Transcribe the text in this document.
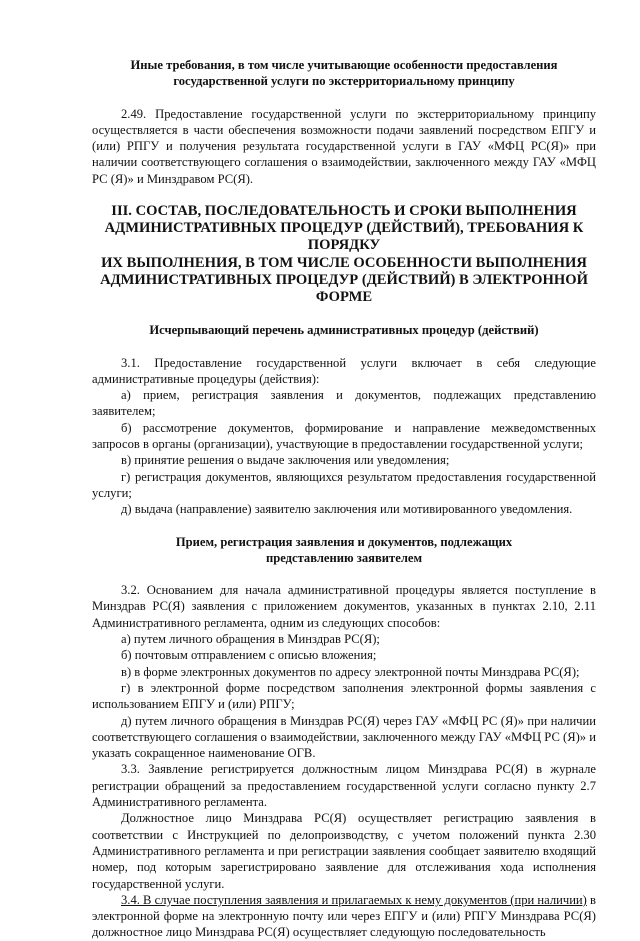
Иные требования, в том числе учитывающие особенности предоставления
государственной услуги по экстерриториальному принципу

2.49. Предоставление государственной услуги по экстерриториальному принципу осуществляется в части обеспечения возможности подачи заявлений посредством ЕПГУ и (или) РПГУ и получения результата государственной услуги в ГАУ «МФЦ РС(Я)» при наличии соответствующего соглашения о взаимодействии, заключенного между ГАУ «МФЦ РС (Я)» и Минздравом РС(Я).

III. СОСТАВ, ПОСЛЕДОВАТЕЛЬНОСТЬ И СРОКИ ВЫПОЛНЕНИЯ
АДМИНИСТРАТИВНЫХ ПРОЦЕДУР (ДЕЙСТВИЙ), ТРЕБОВАНИЯ К ПОРЯДКУ
ИХ ВЫПОЛНЕНИЯ, В ТОМ ЧИСЛЕ ОСОБЕННОСТИ ВЫПОЛНЕНИЯ
АДМИНИСТРАТИВНЫХ ПРОЦЕДУР (ДЕЙСТВИЙ) В ЭЛЕКТРОННОЙ ФОРМЕ
Исчерпывающий перечень административных процедур (действий)

3.1. Предоставление государственной услуги включает в себя следующие административные процедуры (действия):

а) прием, регистрация заявления и документов, подлежащих представлению заявителем;

б) рассмотрение документов, формирование и направление межведомственных запросов в органы (организации), участвующие в предоставлении государственной услуги;

в) принятие решения о выдаче заключения или уведомления;

г) регистрация документов, являющихся результатом предоставления государственной услуги;

д) выдача (направление) заявителю заключения или мотивированного уведомления.

Прием, регистрация заявления и документов, подлежащих
представлению заявителем

3.2. Основанием для начала административной процедуры является поступление в Минздрав РС(Я) заявления с приложением документов, указанных в пунктах 2.10, 2.11 Административного регламента, одним из следующих способов:

а) путем личного обращения в Минздрав РС(Я);

б) почтовым отправлением с описью вложения;

в) в форме электронных документов по адресу электронной почты Минздрава РС(Я);

г) в электронной форме посредством заполнения электронной формы заявления с использованием ЕПГУ и (или) РПГУ;

д) путем личного обращения в Минздрав РС(Я) через ГАУ «МФЦ РС (Я)» при наличии соответствующего соглашения о взаимодействии, заключенного между ГАУ «МФЦ РС (Я)» и указать сокращенное наименование ОГВ.

3.3. Заявление регистрируется должностным лицом Минздрава РС(Я) в журнале регистрации обращений за предоставлением государственной услуги согласно пункту 2.7 Административного регламента.

Должностное лицо Минздрава РС(Я) осуществляет регистрацию заявления в соответствии с Инструкцией по делопроизводству, с учетом положений пункта 2.30 Административного регламента и при регистрации заявления сообщает заявителю входящий номер, под которым зарегистрировано заявление для отслеживания хода исполнения государственной услуги.

3.4. В случае поступления заявления и прилагаемых к нему документов (при наличии) в электронной форме на электронную почту или через ЕПГУ и (или) РПГУ Минздрава РС(Я) должностное лицо Минздрава РС(Я) осуществляет следующую последовательность
